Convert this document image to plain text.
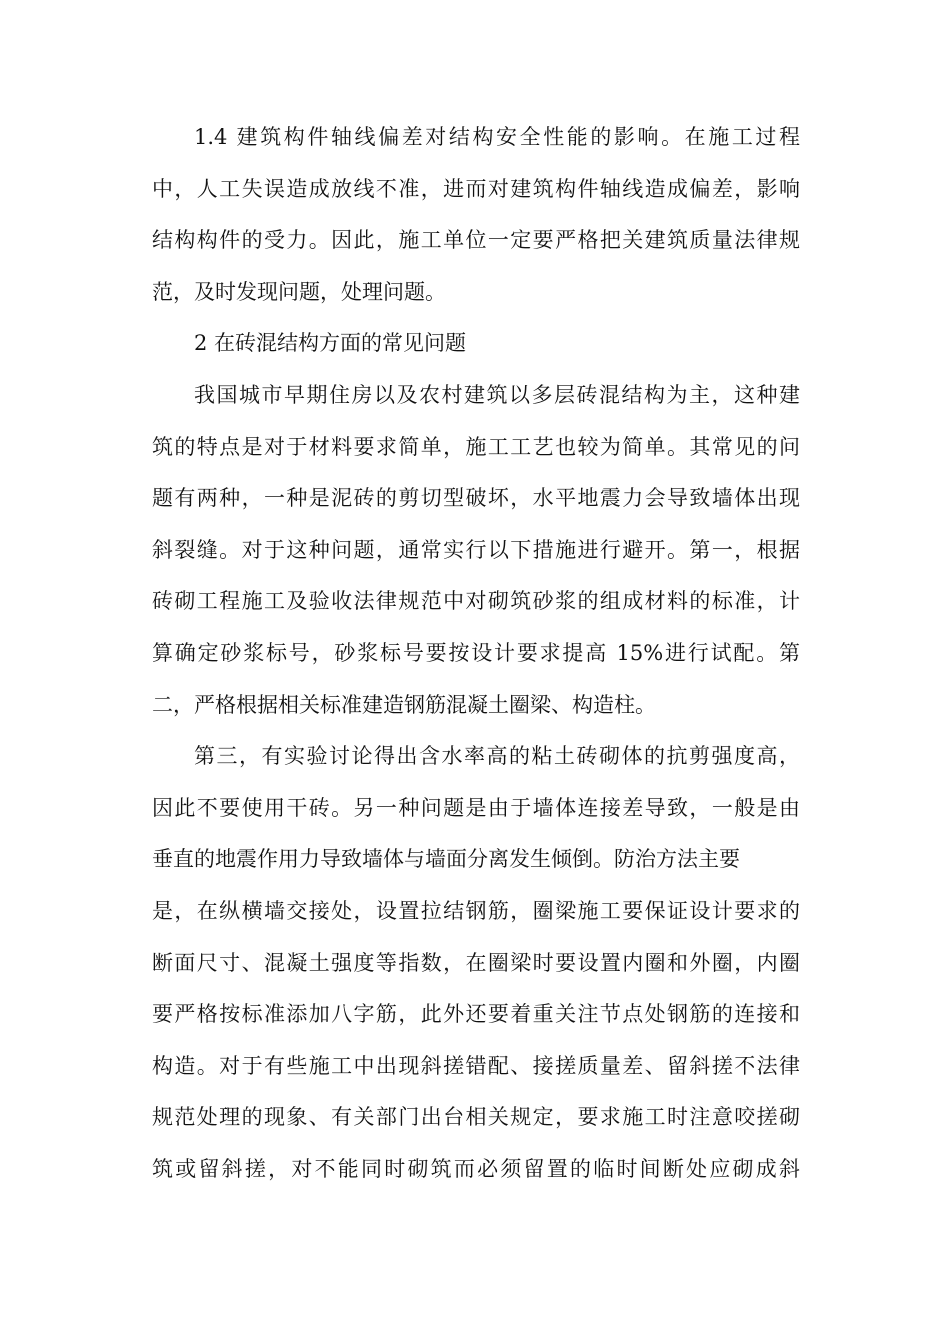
1.4 建筑构件轴线偏差对结构安全性能的影响。在施工过程
中，人工失误造成放线不准，进而对建筑构件轴线造成偏差，影响
结构构件的受力。因此，施工单位一定要严格把关建筑质量法律规
范，及时发现问题，处理问题。

2 在砖混结构方面的常见问题

我国城市早期住房以及农村建筑以多层砖混结构为主，这种建
筑的特点是对于材料要求简单，施工工艺也较为简单。其常见的问
题有两种，一种是泥砖的剪切型破坏，水平地震力会导致墙体出现
斜裂缝。对于这种问题，通常实行以下措施进行避开。第一，根据
砖砌工程施工及验收法律规范中对砌筑砂浆的组成材料的标准，计
算确定砂浆标号，砂浆标号要按设计要求提高 15%进行试配。第
二，严格根据相关标准建造钢筋混凝土圈梁、构造柱。

第三，有实验讨论得出含水率高的粘土砖砌体的抗剪强度高，
因此不要使用干砖。另一种问题是由于墙体连接差导致，一般是由
垂直的地震作用力导致墙体与墙面分离发生倾倒。防治方法主要
是，在纵横墙交接处，设置拉结钢筋，圈梁施工要保证设计要求的
断面尺寸、混凝土强度等指数，在圈梁时要设置内圈和外圈，内圈
要严格按标准添加八字筋，此外还要着重关注节点处钢筋的连接和
构造。对于有些施工中出现斜搓错配、接搓质量差、留斜搓不法律
规范处理的现象、有关部门出台相关规定，要求施工时注意咬搓砌
筑或留斜搓，对不能同时砌筑而必须留置的临时间断处应砌成斜
